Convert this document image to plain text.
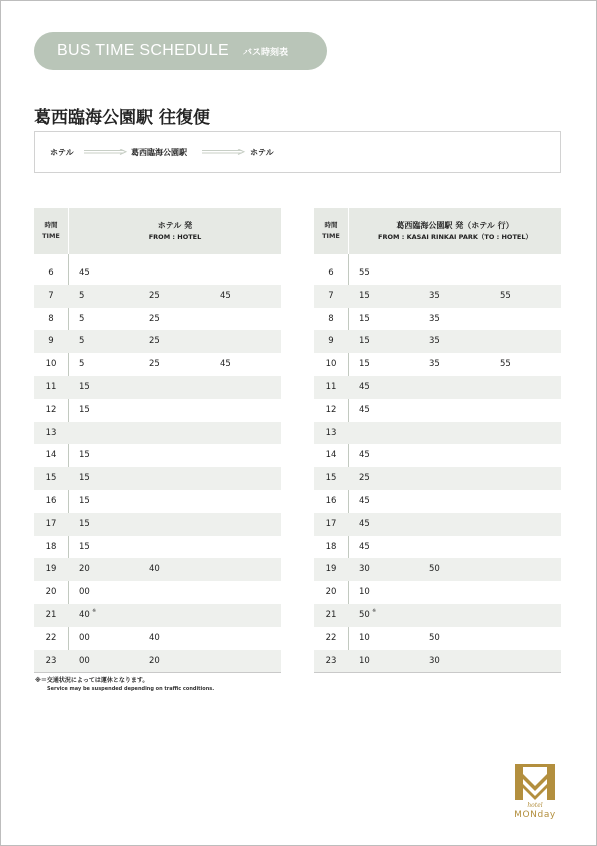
BUS TIME SCHEDULE バス時刻表
葛西臨海公園駅 往復便
ホテル	葛西臨海公園駅	ホテル
時間
TIME
ホテル 発
FROM : HOTEL
6	45
7	5	25	45
8	5	25
9	5	25
10	5	25	45
11	15
12	15
13
14	15
15	15
16	15
17	15
18	15
19	20	40
20	00
21	40 ※
22	00	40
23	00	20
時間
TIME
葛西臨海公園駅 発（ホテル 行）
FROM : KASAI RINKAI PARK（TO : HOTEL）
6	55
7	15	35	55
8	15	35
9	15	35
10	15	35	55
11	45
12	45
13
14	45
15	25
16	45
17	45
18	45
19	30	50
20	10
21	50 ※
22	10	50
23	10	30
※＝交通状況によっては運休となります。
Service may be suspended depending on traffic conditions.
hotel
MONday
